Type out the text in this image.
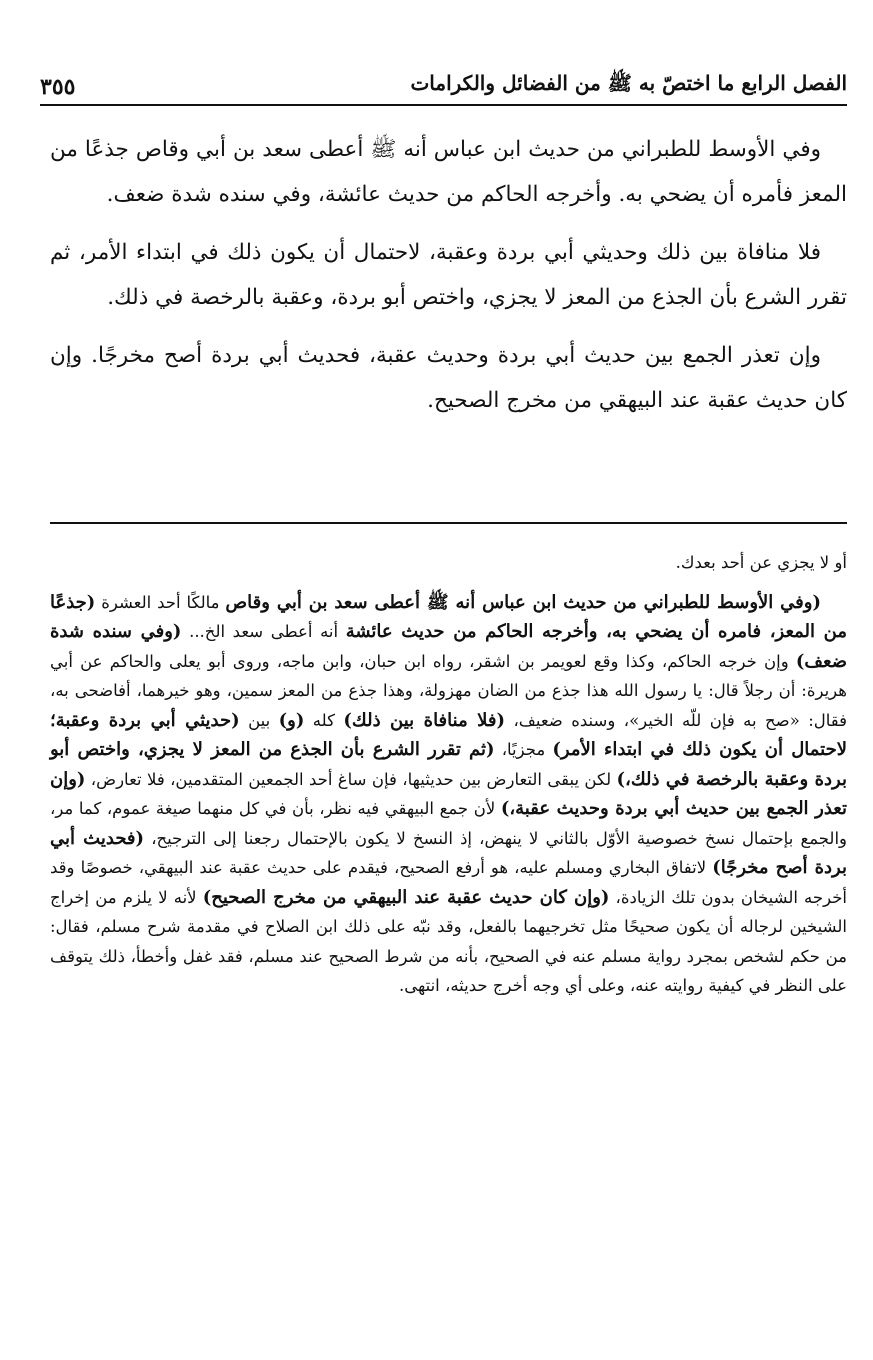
الفصل الرابع ما اختصّ به ﷺ من الفضائل والكرامات
٣٥٥

وفي الأوسط للطبراني من حديث ابن عباس أنه ﷺ أعطى سعد بن أبي وقاص جذعًا من المعز فأمره أن يضحي به. وأخرجه الحاكم من حديث عائشة، وفي سنده شدة ضعف.

فلا منافاة بين ذلك وحديثي أبي بردة وعقبة، لاحتمال أن يكون ذلك في ابتداء الأمر، ثم تقرر الشرع بأن الجذع من المعز لا يجزي، واختص أبو بردة، وعقبة بالرخصة في ذلك.

وإن تعذر الجمع بين حديث أبي بردة وحديث عقبة، فحديث أبي بردة أصح مخرجًا. وإن كان حديث عقبة عند البيهقي من مخرج الصحيح.

أو لا يجزي عن أحد بعدك.

(وفي الأوسط للطبراني من حديث ابن عباس أنه ﷺ أعطى سعد بن أبي وقاص مالكًا أحد العشرة (جذعًا من المعز، فامره أن يضحي به، وأخرجه الحاكم من حديث عائشة أنه أعطى سعد الخ... (وفي سنده شدة ضعف) وإن خرجه الحاكم، وكذا وقع لعويمر بن اشقر، رواه ابن حبان، وابن ماجه، وروى أبو يعلى والحاكم عن أبي هريرة: أن رجلاً قال: يا رسول الله هذا جذع من الضان مهزولة، وهذا جذع من المعز سمين، وهو خيرهما، أفاضحى به، فقال: «صح به فإن للّه الخير»، وسنده ضعيف، (فلا منافاة بين ذلك) كله (و) بين (حديثي أبي بردة وعقبة؛ لاحتمال أن يكون ذلك في ابتداء الأمر) مجزيًا، (ثم تقرر الشرع بأن الجذع من المعز لا يجزي، واختص أبو بردة وعقبة بالرخصة في ذلك،) لكن يبقى التعارض بين حديثيها، فإن ساغ أحد الجمعين المتقدمين، فلا تعارض، (وإن تعذر الجمع بين حديث أبي بردة وحديث عقبة،) لأن جمع البيهقي فيه نظر، بأن في كل منهما صيغة عموم، كما مر، والجمع بإحتمال نسخ خصوصية الأوّل بالثاني لا ينهض، إذ النسخ لا يكون بالإحتمال رجعنا إلى الترجيح، (فحديث أبي بردة أصح مخرجًا) لاتفاق البخاري ومسلم عليه، هو أرفع الصحيح، فيقدم على حديث عقبة عند البيهقي، خصوصًا وقد أخرجه الشيخان بدون تلك الزيادة، (وإن كان حديث عقبة عند البيهقي من مخرج الصحيح) لأنه لا يلزم من إخراج الشيخين لرجاله أن يكون صحيحًا مثل تخرجيهما بالفعل، وقد نبّه على ذلك ابن الصلاح في مقدمة شرح مسلم، فقال: من حكم لشخص بمجرد رواية مسلم عنه في الصحيح، بأنه من شرط الصحيح عند مسلم، فقد غفل وأخطأ، ذلك يتوقف على النظر في كيفية روايته عنه، وعلى أي وجه أخرج حديثه، انتهى.
